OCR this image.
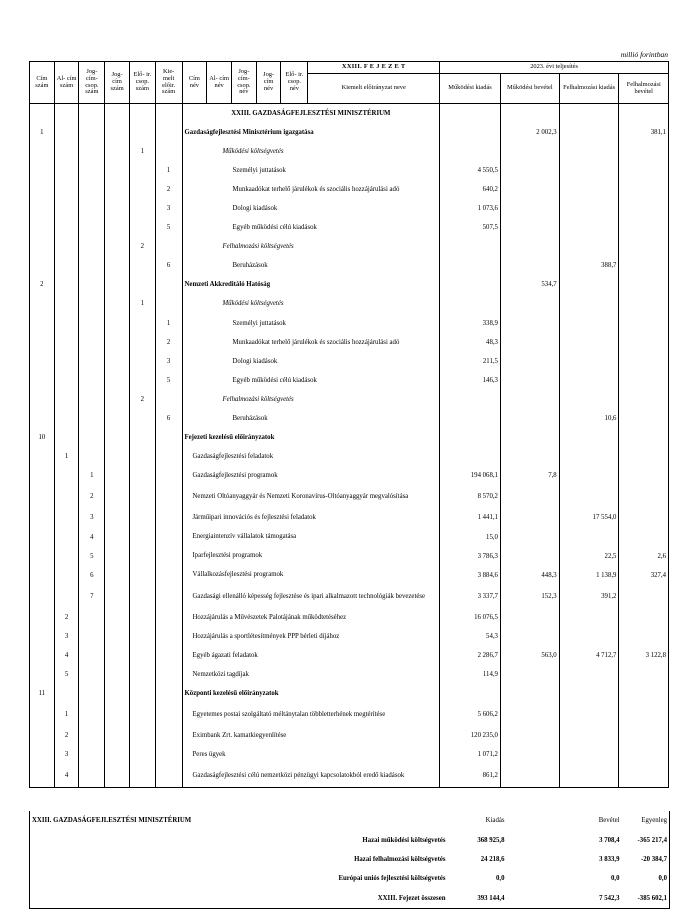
millió forintban
Cím szám	Al- cím szám	Jog- cím- csop. szám	Jog- cím szám	Elő- ir. csop. szám	Kie- melt előir. szám	Cím név	Al- cím név	Jog- cím- csop. név	Jog- cím név	Elő- ir. csop. név	XXIII. F E J E Z E T	2023. évi teljesítés			
											Kiemelt előirányzat neve	Működési kiadás	Működési bevétel	Felhalmozási kiadás	Felhalmozási bevétel
						XXIII. GAZDASÁGFEJLESZTÉSI MINISZTÉRIUM									
1						Gazdaságfejlesztési Minisztérium igazgatása							2 002,3		381,1
				1		Működési költségvetés									
					1	Személyi juttatások						4 550,5			
					2	Munkaadókat terhelő járulékok és szociális hozzájárulási adó						640,2			
					3	Dologi kiadások						1 073,6			
					5	Egyéb működési célú kiadások						507,5			
				2		Felhalmozási költségvetés									
					6	Beruházások								388,7	
2						Nemzeti Akkreditáló Hatóság							534,7		
				1		Működési költségvetés									
					1	Személyi juttatások						338,9			
					2	Munkaadókat terhelő járulékok és szociális hozzájárulási adó						48,3			
					3	Dologi kiadások						211,5			
					5	Egyéb működési célú kiadások						146,3			
				2		Felhalmozási költségvetés									
					6	Beruházások								10,6	
10						Fejezeti kezelésű előirányzatok									
	1					Gazdaságfejlesztési feladatok									
		1				Gazdaságfejlesztési programok						194 068,1	7,8		
		2				Nemzeti Oltóanyaggyár és Nemzeti Koronavírus-Oltóanyaggyár megvalósítása						8 570,2			
		3				Járműipari innovációs és fejlesztési feladatok						1 441,1		17 554,0	
		4				Energiaintenzív vállalatok támogatása						15,0			
		5				Iparfejlesztési programok						3 786,3		22,5	2,6
		6				Vállalkozásfejlesztési programok						3 884,6	448,3	1 138,9	327,4
		7				Gazdasági ellenálló képesség fejlesztése és ipari alkalmazott technológiák bevezetése						3 337,7	152,3	391,2	
	2					Hozzájárulás a Művészetek Palotájának működtetéséhez						16 076,5			
	3					Hozzájárulás a sportlétesítmények PPP bérleti díjához						54,3			
	4					Egyéb ágazati feladatok						2 286,7	563,0	4 712,7	3 122,8
	5					Nemzetközi tagdíjak						114,9			
11						Központi kezelésű előirányzatok									
	1					Egyetemes postai szolgáltató méltánytalan többletterhének megtérítése						5 606,2			
	2					Eximbank Zrt. kamatkiegyenlítése						120 235,0			
	3					Peres ügyek						1 071,2			
	4					Gazdaságfejlesztési célú nemzetközi pénzügyi kapcsolatokból eredő kiadások						861,2			
XXIII. GAZDASÁGFEJLESZTÉSI MINISZTÉRIUM	Kiadás		Bevétel	Egyenleg
Hazai működési költségvetés	368 925,8		3 708,4	-365 217,4
Hazai felhalmozási költségvetés	24 218,6		3 833,9	-20 384,7
Európai uniós fejlesztési költségvetés	0,0		0,0	0,0
XXIII. Fejezet összesen	393 144,4		7 542,3	-385 602,1
